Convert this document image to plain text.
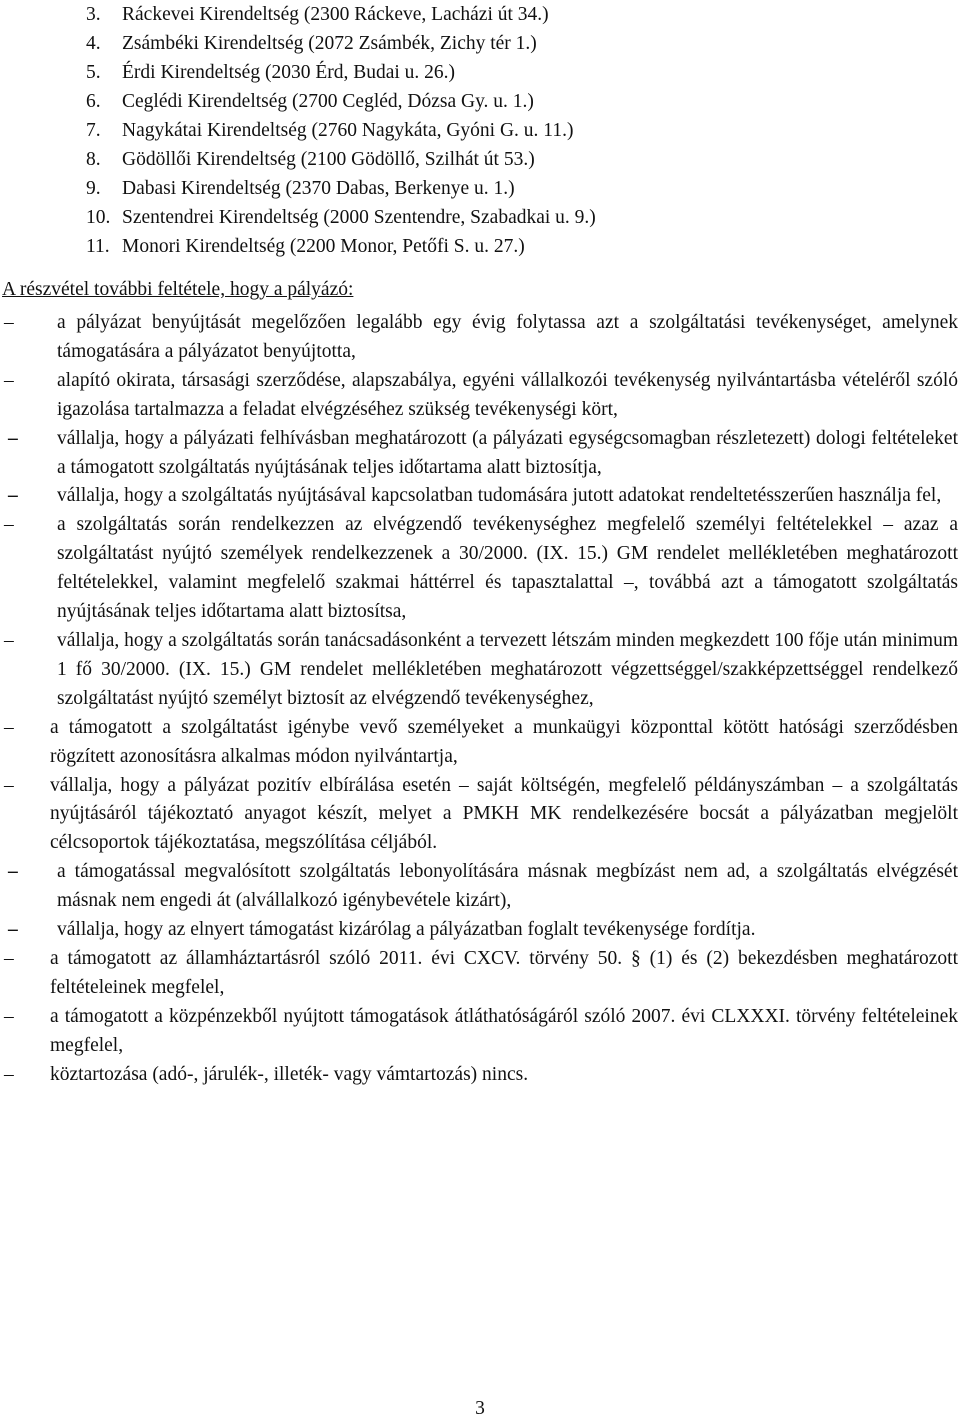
3. Ráckevei Kirendeltség (2300 Ráckeve, Lacházi út 34.)
4. Zsámbéki Kirendeltség (2072 Zsámbék, Zichy tér 1.)
5. Érdi Kirendeltség (2030 Érd, Budai u. 26.)
6. Ceglédi Kirendeltség (2700 Cegléd, Dózsa Gy. u. 1.)
7. Nagykátai Kirendeltség (2760 Nagykáta, Gyóni G. u. 11.)
8. Gödöllői Kirendeltség (2100 Gödöllő, Szilhát út 53.)
9. Dabasi Kirendeltség (2370 Dabas, Berkenye u. 1.)
10. Szentendrei Kirendeltség (2000 Szentendre, Szabadkai u. 9.)
11. Monori Kirendeltség (2200 Monor, Petőfi S. u. 27.)
A részvétel további feltétele, hogy a pályázó:
–	a pályázat benyújtását megelőzően legalább egy évig folytassa azt a szolgáltatási tevékenységet, amelynek támogatására a pályázatot benyújtotta,
–	alapító okirata, társasági szerződése, alapszabálya, egyéni vállalkozói tevékenység nyilvántartásba vételéről szóló igazolása tartalmazza a feladat elvégzéséhez szükség tevékenységi kört,
–	vállalja, hogy a pályázati felhívásban meghatározott (a pályázati egységcsomagban részletezett) dologi feltételeket a támogatott szolgáltatás nyújtásának teljes időtartama alatt biztosítja,
–	vállalja, hogy a szolgáltatás nyújtásával kapcsolatban tudomására jutott adatokat rendeltetésszerűen használja fel,
–	a szolgáltatás során rendelkezzen az elvégzendő tevékenységhez megfelelő személyi feltételekkel – azaz a szolgáltatást nyújtó személyek rendelkezzenek a 30/2000. (IX. 15.) GM rendelet mellékletében meghatározott feltételekkel, valamint megfelelő szakmai háttérrel és tapasztalattal –, továbbá azt a támogatott szolgáltatás nyújtásának teljes időtartama alatt biztosítsa,
–	vállalja, hogy a szolgáltatás során tanácsadásonként a tervezett létszám minden megkezdett 100 fője után minimum 1 fő 30/2000. (IX. 15.) GM rendelet mellékletében meghatározott végzettséggel/szakképzettséggel rendelkező szolgáltatást nyújtó személyt biztosít az elvégzendő tevékenységhez,
–	a támogatott a szolgáltatást igénybe vevő személyeket a munkaügyi központtal kötött hatósági szerződésben rögzített azonosításra alkalmas módon nyilvántartja,
–	vállalja, hogy a pályázat pozitív elbírálása esetén – saját költségén, megfelelő példányszámban – a szolgáltatás nyújtásáról tájékoztató anyagot készít, melyet a PMKH MK rendelkezésére bocsát a pályázatban megjelölt célcsoportok tájékoztatása, megszólítása céljából.
–	a támogatással megvalósított szolgáltatás lebonyolítására másnak megbízást nem ad, a szolgáltatás elvégzését másnak nem engedi át (alvállalkozó igénybevétele kizárt),
–	vállalja, hogy az elnyert támogatást kizárólag a pályázatban foglalt tevékenysége fordítja.
–	a támogatott az államháztartásról szóló 2011. évi CXCV. törvény 50. § (1) és (2) bekezdésben meghatározott feltételeinek megfelel,
–	a támogatott a közpénzekből nyújtott támogatások átláthatóságáról szóló 2007. évi CLXXXI. törvény feltételeinek megfelel,
–	köztartozása (adó-, járulék-, illeték- vagy vámtartozás) nincs.
3
